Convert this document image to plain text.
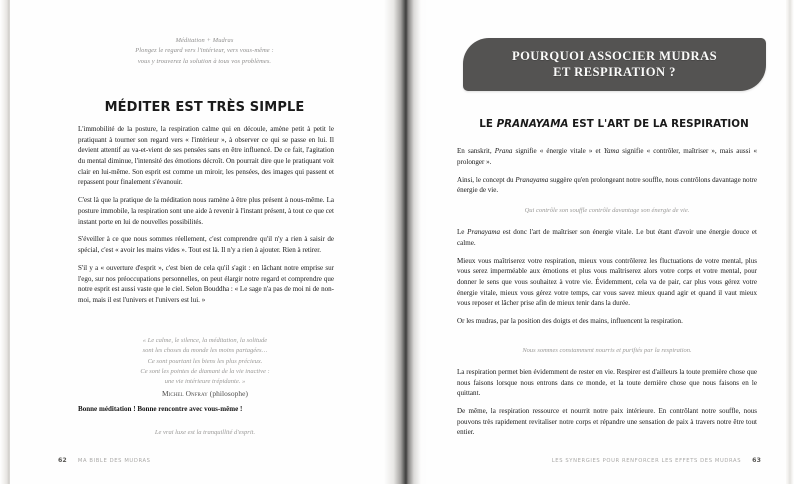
Méditation + Mudras
Plongez le regard vers l'intérieur, vers vous-même :
vous y trouverez la solution à tous vos problèmes.
MÉDITER EST TRÈS SIMPLE

L'immobilité de la posture, la respiration calme qui en découle, amène petit à petit le pratiquant à tourner son regard vers « l'intérieur », à observer ce qui se passe en lui. Il devient attentif au va-et-vient de ses pensées sans en être influencé. De ce fait, l'agitation du mental diminue, l'intensité des émotions décroît. On pourrait dire que le pratiquant voit clair en lui-même. Son esprit est comme un miroir, les pensées, des images qui passent et repassent pour finalement s'évanouir.

C'est là que la pratique de la méditation nous ramène à être plus présent à nous-même. La posture immobile, la respiration sont une aide à revenir à l'instant présent, à tout ce que cet instant porte en lui de nouvelles possibilités.

S'éveiller à ce que nous sommes réellement, c'est comprendre qu'il n'y a rien à saisir de spécial, c'est « avoir les mains vides ». Tout est là. Il n'y a rien à ajouter. Rien à retirer.

S'il y a « ouverture d'esprit », c'est bien de cela qu'il s'agit : en lâchant notre emprise sur l'ego, sur nos préoccupations personnelles, on peut élargir notre regard et comprendre que notre esprit est aussi vaste que le ciel. Selon Bouddha : « Le sage n'a pas de moi ni de non-moi, mais il est l'univers et l'univers est lui. »

« Le calme, le silence, la méditation, la solitude
sont les choses du monde les moins partagées…
Ce sont pourtant les biens les plus précieux.
Ce sont les pointes de diamant de la vie inactive :
une vie intérieure trépidante. »
Michel Onfray (philosophe)

Bonne méditation ! Bonne rencontre avec vous-même !

Le vrai luxe est la tranquillité d'esprit.
62 MA BIBLE DES MUDRAS
POURQUOI ASSOCIER MUDRAS
ET RESPIRATION ?
LE PRANAYAMA EST L'ART DE LA RESPIRATION

En sanskrit, Prana signifie « énergie vitale » et Yama signifie « contrôler, maîtriser », mais aussi « prolonger ».

Ainsi, le concept du Pranayama suggère qu'en prolongeant notre souffle, nous contrôlons davantage notre énergie de vie.

Qui contrôle son souffle contrôle davantage son énergie de vie.

Le Pranayama est donc l'art de maîtriser son énergie vitale. Le but étant d'avoir une énergie douce et calme.

Mieux vous maîtriserez votre respiration, mieux vous contrôlerez les fluctuations de votre mental, plus vous serez imperméable aux émotions et plus vous maîtriserez alors votre corps et votre mental, pour donner le sens que vous souhaitez à votre vie. Évidemment, cela va de pair, car plus vous gérez votre énergie vitale, mieux vous gérez votre temps, car vous savez mieux quand agir et quand il vaut mieux vous reposer et lâcher prise afin de mieux tenir dans la durée.

Or les mudras, par la position des doigts et des mains, influencent la respiration.

Nous sommes constamment nourris et purifiés par la respiration.

La respiration permet bien évidemment de rester en vie. Respirer est d'ailleurs la toute première chose que nous faisons lorsque nous entrons dans ce monde, et la toute dernière chose que nous faisons en le quittant.

De même, la respiration ressource et nourrit notre paix intérieure. En contrôlant notre souffle, nous pouvons très rapidement revitaliser notre corps et répandre une sensation de paix à travers notre être tout entier.

LES SYNERGIES POUR RENFORCER LES EFFETS DES MUDRAS 63
